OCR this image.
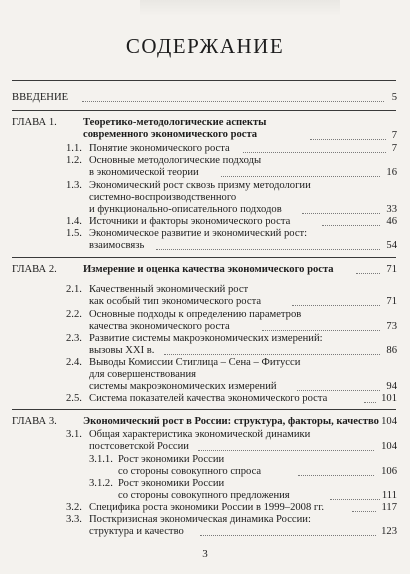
СОДЕРЖАНИЕ
ВВЕДЕНИЕ	5
ГЛАВА 1. Теоретико-методологические аспекты
современного экономического роста	7
1.1. Понятие экономического роста	7
1.2. Основные методологические подходы
в экономической теории	16
1.3. Экономический рост сквозь призму методологии
системно-воспроизводственного
и функционально-описательного подходов	33
1.4. Источники и факторы экономического роста	46
1.5. Экономическое развитие и экономический рост:
взаимосвязь	54
ГЛАВА 2. Измерение и оценка качества экономического роста	71
2.1. Качественный экономический рост
как особый тип экономического роста	71
2.2. Основные подходы к определению параметров
качества экономического роста	73
2.3. Развитие системы макроэкономических измерений:
вызовы XXI в.	86
2.4. Выводы Комиссии Стиглица – Сена – Фитусси
для совершенствования
системы макроэкономических измерений	94
2.5. Система показателей качества экономического роста	101
ГЛАВА 3. Экономический рост в России: структура, факторы, качество 104
3.1. Общая характеристика экономической динамики
постсоветской России	104
3.1.1. Рост экономики России
со стороны совокупного спроса	106
3.1.2. Рост экономики России
со стороны совокупного предложения	111
3.2. Специфика роста экономики России в 1999–2008 гг.	117
3.3. Посткризисная экономическая динамика России:
структура и качество	123
3
